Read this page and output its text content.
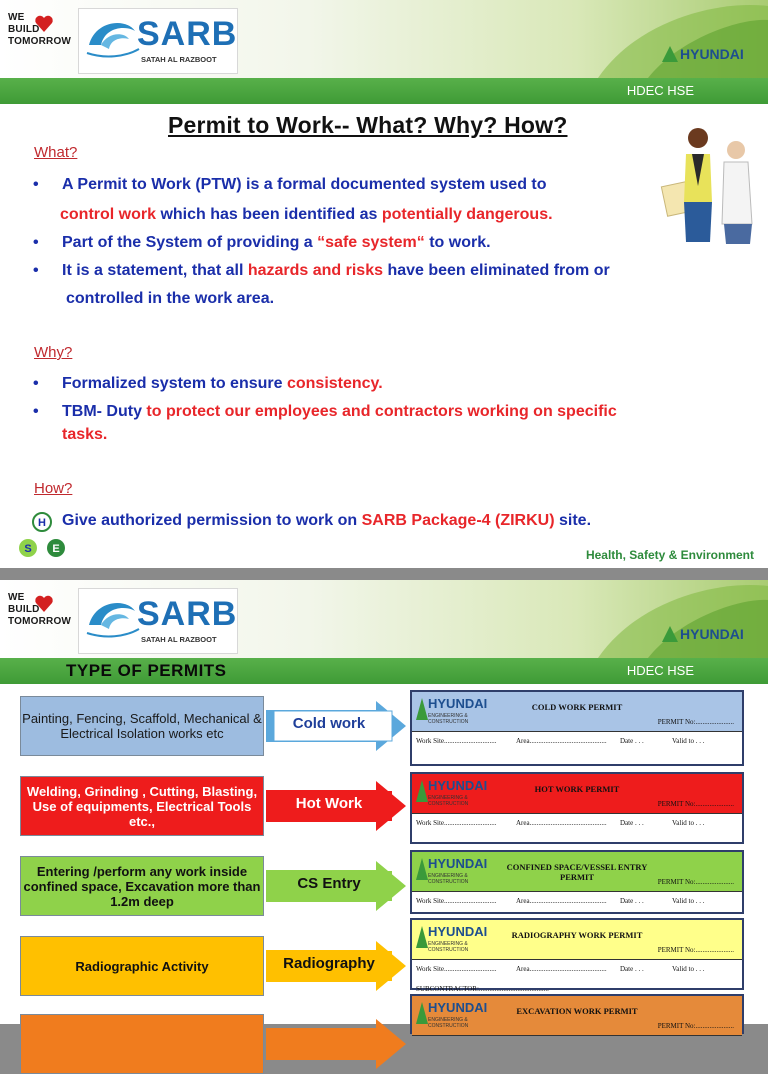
WE
BUILD
TOMORROW SARB
SATAH AL RAZBOOT	HYUNDAI
HDEC HSE
Permit to Work-- What? Why? How?
What?
• A Permit to Work (PTW) is a formal documented system used to
control work which has been identified as potentially dangerous.
• Part of the System of providing a “safe system“ to work.
• It is a statement, that all hazards and risks have been eliminated from or
controlled in the work area.
Why?
• Formalized system to ensure consistency.
• TBM- Duty to protect our employees and contractors working on specific
tasks.
How?
Give authorized permission to work on SARB Package-4 (ZIRKU) site.
H
S E	Health, Safety & Environment
WE
BUILD
TOMORROW SARB
SATAH AL RAZBOOT	HYUNDAI
TYPE OF PERMITS	HDEC HSE
Painting, Fencing, Scaffold, Mechanical & Electrical Isolation works etc
Cold work
HYUNDAI
ENGINEERING & CONSTRUCTION
COLD WORK PERMIT
PERMIT No:......................
Work Site..............................	Area............................................ Date . . .	Valid to . . .
Welding, Grinding , Cutting, Blasting, Use of equipments, Electrical Tools etc.,
Hot Work
HYUNDAI
ENGINEERING & CONSTRUCTION
HOT WORK PERMIT
PERMIT No:......................
Work Site..............................	Area............................................ Date . . .	Valid to . . .
Entering /perform any work inside confined space, Excavation more than 1.2m deep
CS Entry
HYUNDAI
ENGINEERING & CONSTRUCTION
CONFINED SPACE/VESSEL ENTRY PERMIT	PERMIT No:......................
Work Site..............................	Area............................................ Date . . .	Valid to . . .
Radiographic Activity	Radiography
HYUNDAI
ENGINEERING & CONSTRUCTION
RADIOGRAPHY WORK PERMIT
PERMIT No:......................
Work Site..............................	Area............................................ Date . . .	Valid to . . .
SUBCONTRACTOR:........................................
HYUNDAI
ENGINEERING & CONSTRUCTION
EXCAVATION WORK PERMIT
PERMIT No:......................
